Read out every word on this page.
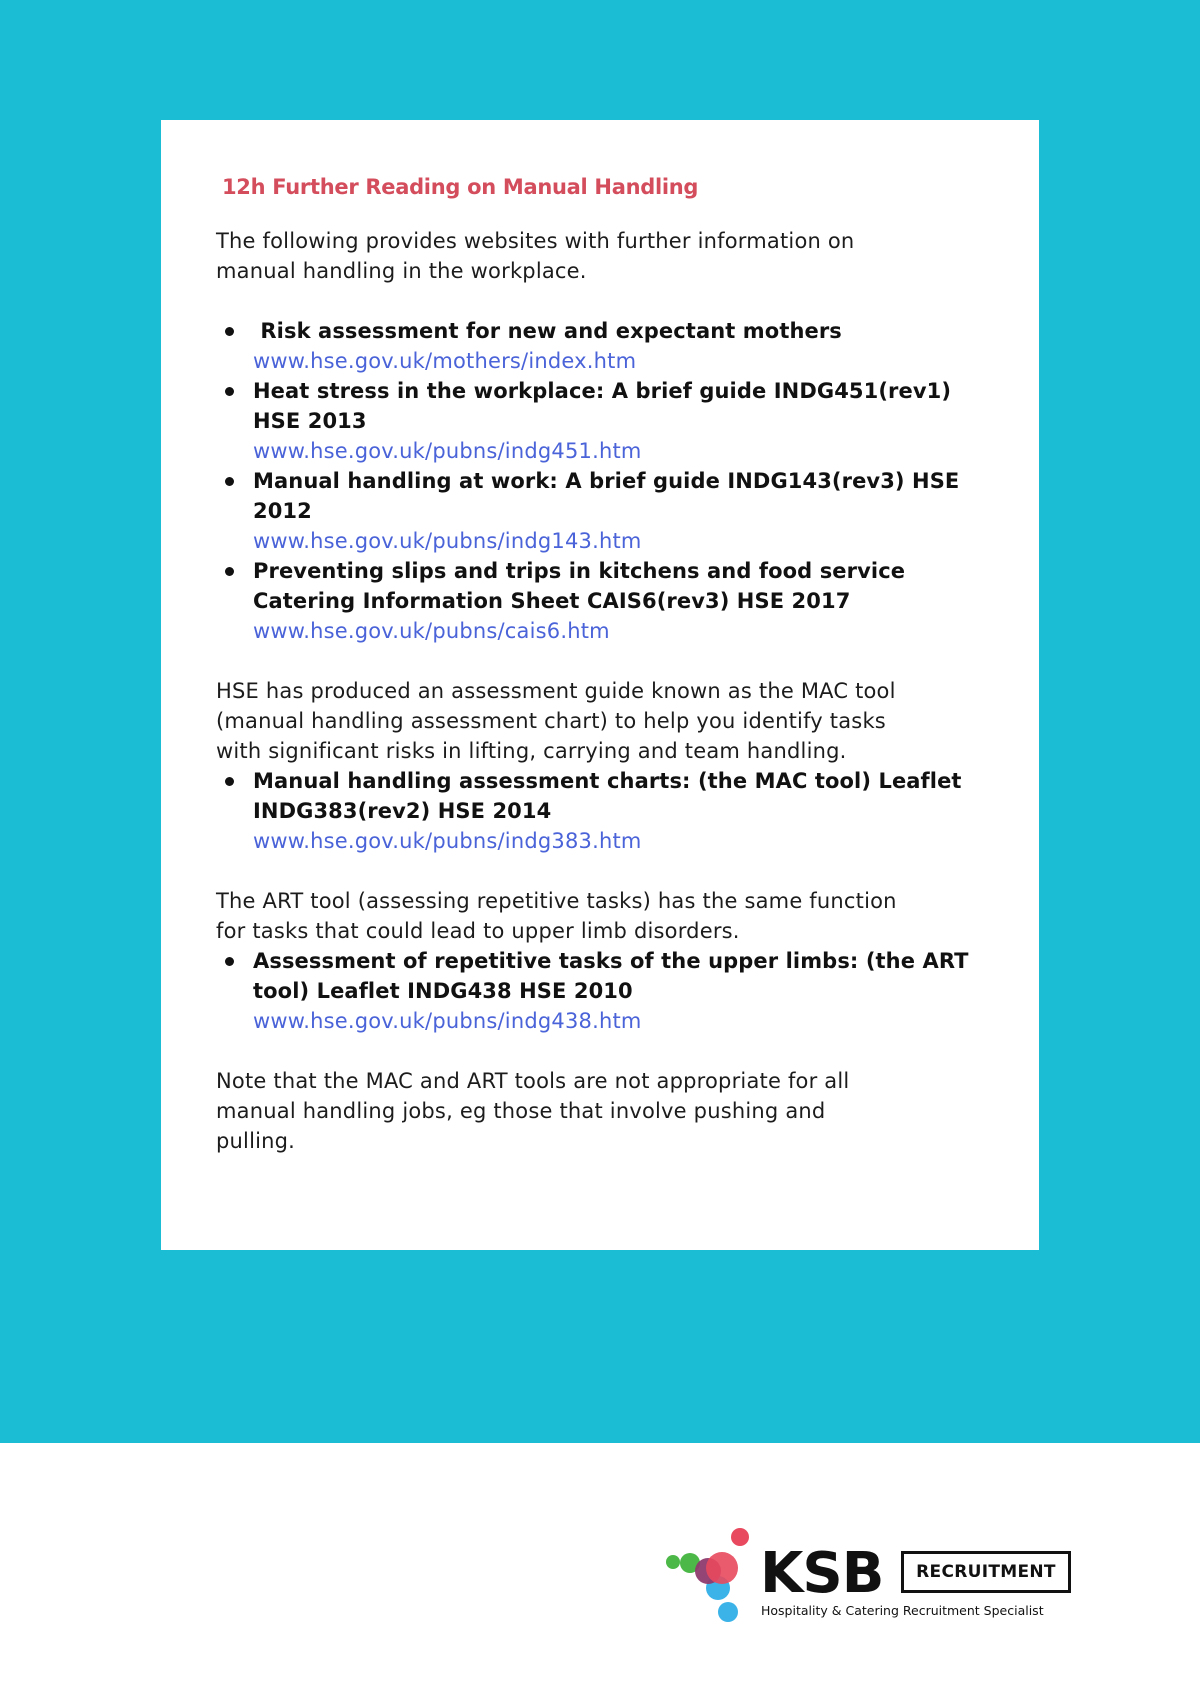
12h Further Reading on Manual Handling

The following provides websites with further information on
manual handling in the workplace.

Risk assessment for new and expectant mothers
www.hse.gov.uk/mothers/index.htm
Heat stress in the workplace: A brief guide INDG451(rev1)
HSE 2013
www.hse.gov.uk/pubns/indg451.htm
Manual handling at work: A brief guide INDG143(rev3) HSE
2012
www.hse.gov.uk/pubns/indg143.htm
Preventing slips and trips in kitchens and food service
Catering Information Sheet CAIS6(rev3) HSE 2017
www.hse.gov.uk/pubns/cais6.htm

HSE has produced an assessment guide known as the MAC tool
(manual handling assessment chart) to help you identify tasks
with significant risks in lifting, carrying and team handling.

Manual handling assessment charts: (the MAC tool) Leaflet
INDG383(rev2) HSE 2014
www.hse.gov.uk/pubns/indg383.htm

The ART tool (assessing repetitive tasks) has the same function
for tasks that could lead to upper limb disorders.

Assessment of repetitive tasks of the upper limbs: (the ART
tool) Leaflet INDG438 HSE 2010
www.hse.gov.uk/pubns/indg438.htm

Note that the MAC and ART tools are not appropriate for all
manual handling jobs, eg those that involve pushing and
pulling.

KSB	RECRUITMENT
Hospitality & Catering Recruitment Specialist
